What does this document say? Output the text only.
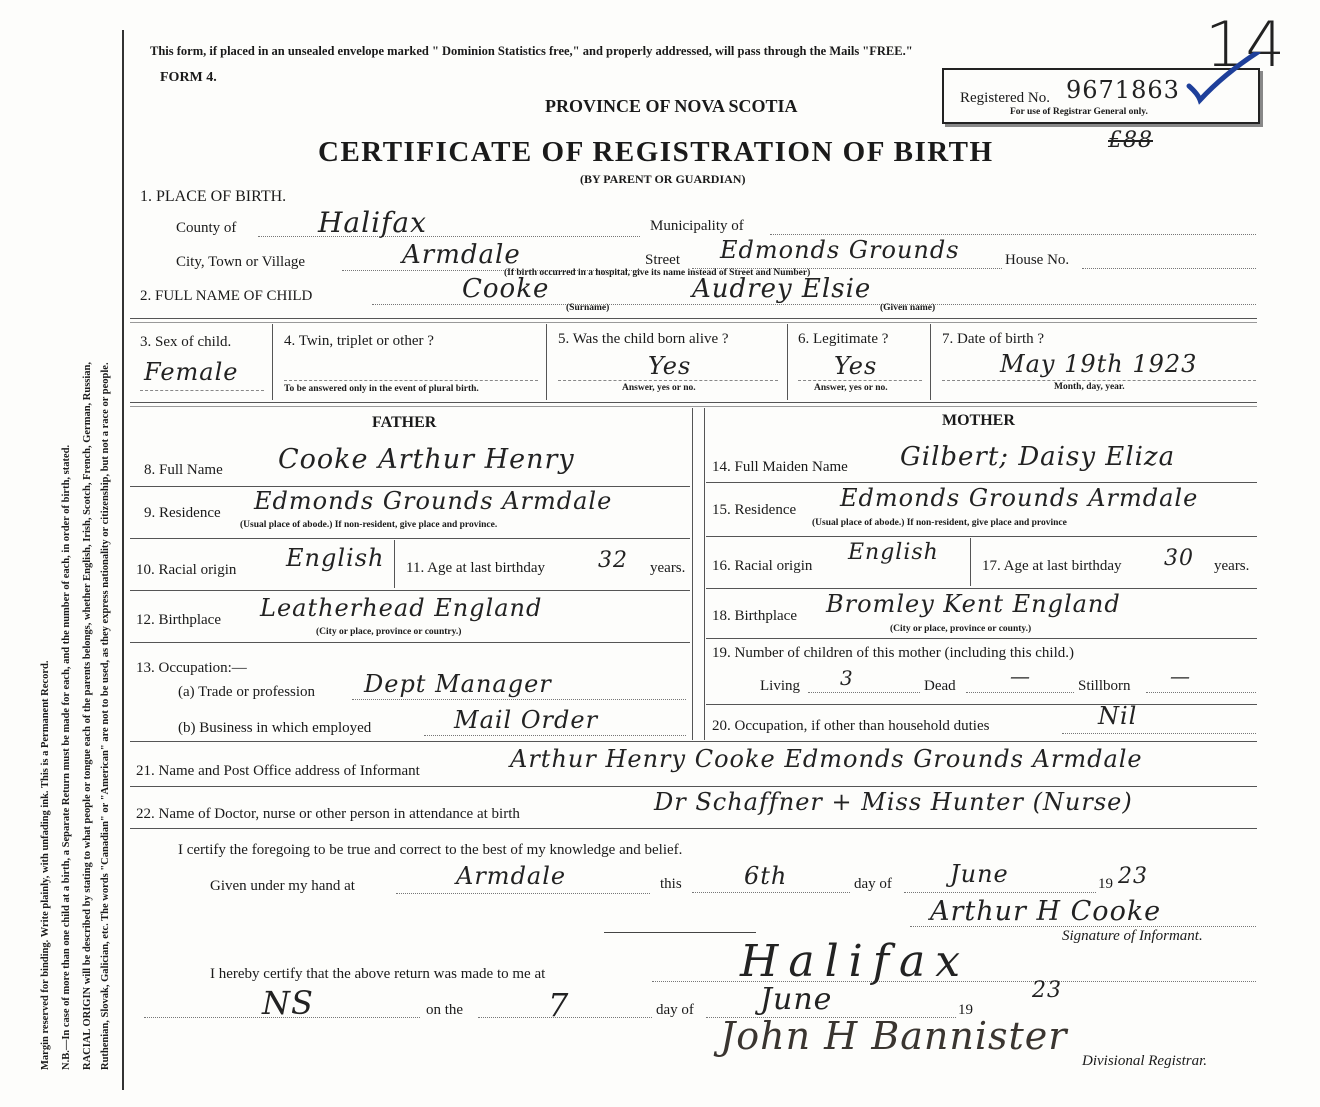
Margin reserved for binding. Write plainly, with unfading ink. This is a Permanent Record. N.B.—In case of more than one child at a birth, a Separate Return must be made for each, and the number of each, in order of birth, stated. RACIAL ORIGIN will be described by stating to what people or tongue each of the parents belongs, whether English, Irish, Scotch, French, German, Russian, Ruthenian, Slovak, Galician, etc. The words "Canadian" or "American" are not to be used, as they express nationality or citizenship, but not a race or people.
This form, if placed in an unsealed envelope marked " Dominion Statistics free," and properly addressed, will pass through the Mails "FREE."
FORM 4.
PROVINCE OF NOVA SCOTIA
CERTIFICATE OF REGISTRATION OF BIRTH
(BY PARENT OR GUARDIAN)
14
Registered No. 9671863
For use of Registrar General only.
£88
1. PLACE OF BIRTH.
County of	Halifax	Municipality of
City, Town or Village	Armdale	Street Edmonds Grounds	House No.
(If birth occurred in a hospital, give its name instead of Street and Number)
2. FULL NAME OF CHILD	Cooke
(Surname)
Audrey Elsie
(Given name)
3. Sex of child.
Female
4. Twin, triplet or other ?
To be answered only in the event of plural birth.
5. Was the child born alive ?
Yes
Answer, yes or no.
6. Legitimate ?
Yes
Answer, yes or no.
7. Date of birth ?
May 19th 1923
Month, day, year.
FATHER	MOTHER
8. Full Name Cooke Arthur Henry
9. Residence Edmonds Grounds Armdale
(Usual place of abode.) If non-resident, give place and province.
10. Racial origin English 11. Age at last birthday 32 years.
12. Birthplace Leatherhead England
(City or place, province or country.)
13. Occupation:—
(a) Trade or profession Dept Manager
(b) Business in which employed	Mail Order
14. Full Maiden Name Gilbert; Daisy Eliza
15. Residence Edmonds Grounds Armdale
(Usual place of abode.) If non-resident, give place and province
16. Racial origin
English
17. Age at last birthday 30 years.
18. Birthplace Bromley Kent England
(City or place, province or county.)
19. Number of children of this mother (including this child.)
Living 3	Dead	—	Stillborn —
20. Occupation, if other than household duties	Nil
21. Name and Post Office address of Informant	Arthur Henry Cooke Edmonds Grounds Armdale
22. Name of Doctor, nurse or other person in attendance at birth	Dr Schaffner + Miss Hunter (Nurse)
I certify the foregoing to be true and correct to the best of my knowledge and belief.
Given under my hand at	Armdale	this	6th	day of June	19 23
Arthur H Cooke
Signature of Informant.
I hereby certify that the above return was made to me at	Halifax
NS	on the	7	day of June	19
23
John H Bannister
Divisional Registrar.
